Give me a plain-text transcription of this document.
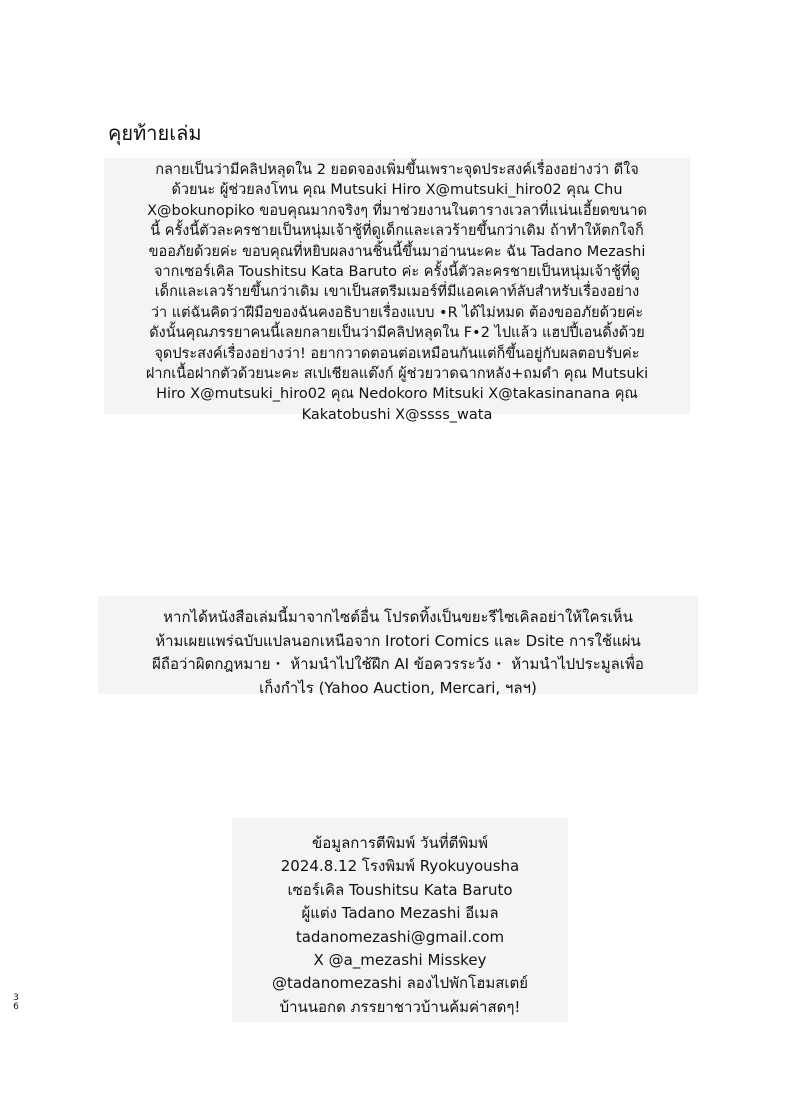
คุยท้ายเล่ม
กลายเป็นว่ามีคลิปหลุดใน 2 ยอดจองเพิ่มขึ้นเพราะจุดประสงค์เรื่องอย่างว่า ดีใจ
ด้วยนะ ผู้ช่วยลงโทน คุณ Mutsuki Hiro X@mutsuki_hiro02 คุณ Chu
X@bokunopiko ขอบคุณมากจริงๆ ที่มาช่วยงานในตารางเวลาที่แน่นเอี้ยดขนาด
นี้ ครั้งนี้ตัวละครชายเป็นหนุ่มเจ้าชู้ที่ดูเด็กและเลวร้ายขึ้นกว่าเดิม ถ้าทำให้ตกใจก็
ขออภัยด้วยค่ะ ขอบคุณที่หยิบผลงานชิ้นนี้ขึ้นมาอ่านนะคะ ฉัน Tadano Mezashi
จากเซอร์เคิล Toushitsu Kata Baruto ค่ะ ครั้งนี้ตัวละครชายเป็นหนุ่มเจ้าชู้ที่ดู
เด็กและเลวร้ายขึ้นกว่าเดิม เขาเป็นสตรีมเมอร์ที่มีแอคเคาท์ลับสำหรับเรื่องอย่าง
ว่า แต่ฉันคิดว่าฝีมือของฉันคงอธิบายเรื่องแบบ •R ได้ไม่หมด ต้องขออภัยด้วยค่ะ
ดังนั้นคุณภรรยาคนนี้เลยกลายเป็นว่ามีคลิปหลุดใน F•2 ไปแล้ว แฮปปี้เอนดิ้งด้วย
จุดประสงค์เรื่องอย่างว่า! อยากวาดตอนต่อเหมือนกันแต่ก็ขึ้นอยู่กับผลตอบรับค่ะ
ฝากเนื้อฝากตัวด้วยนะคะ สเปเชียลแต๊งก์ ผู้ช่วยวาดฉากหลัง+ถมดำ คุณ Mutsuki
Hiro X@mutsuki_hiro02 คุณ Nedokoro Mitsuki X@takasinanana คุณ
Kakatobushi X@ssss_wata
หากได้หนังสือเล่มนี้มาจากไซต์อื่น โปรดทิ้งเป็นขยะรีไซเคิลอย่าให้ใครเห็น
ห้ามเผยแพร่ฉบับแปลนอกเหนือจาก Irotori Comics และ Dsite การใช้แผ่น
ผีถือว่าผิดกฎหมาย・ ห้ามนำไปใช้ฝึก AI ข้อควรระวัง・ ห้ามนำไปประมูลเพื่อ
เก็งกำไร (Yahoo Auction, Mercari, ฯลฯ)
ข้อมูลการตีพิมพ์ วันที่ตีพิมพ์
2024.8.12 โรงพิมพ์ Ryokuyousha
เซอร์เคิล Toushitsu Kata Baruto
ผู้แต่ง Tadano Mezashi อีเมล
tadanomezashi@gmail.com
X @a_mezashi Misskey
@tadanomezashi ลองไปพักโฮมสเตย์
บ้านนอกด ภรรยาชาวบ้านค้มค่าสดๆ!
3
6
